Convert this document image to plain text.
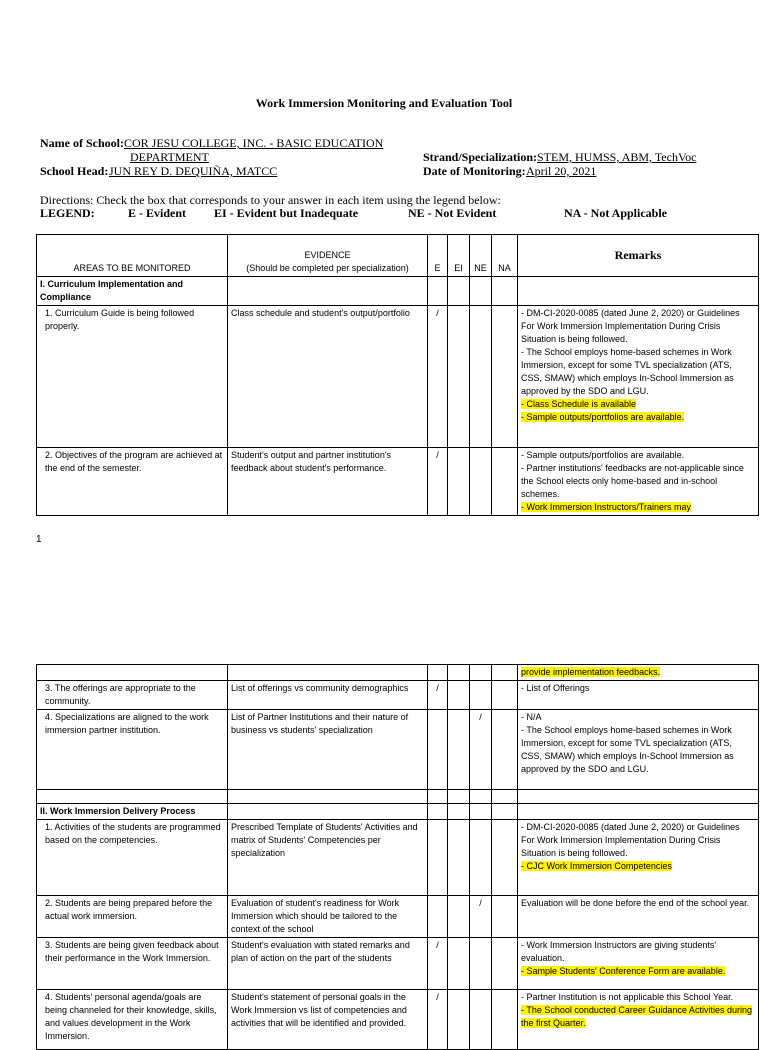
Work Immersion Monitoring and Evaluation Tool
Name of School: COR JESU COLLEGE, INC. - BASIC EDUCATION
DEPARTMENT
School Head: JUN REY D. DEQUIÑA, MATCC
Strand/Specialization: STEM, HUMSS, ABM, TechVoc
Date of Monitoring: April 20, 2021
Directions: Check the box that corresponds to your answer in each item using the legend below:
LEGEND:	E - Evident EI - Evident but Inadequate	NE - Not Evident	NA - Not Applicable
AREAS TO BE MONITORED	EVIDENCE
(Should be completed per specialization)	E	EI	NE	NA	Remarks
I. Curriculum Implementation and Compliance						
1. Curriculum Guide is being followed properly.	Class schedule and student's output/portfolio	/				- DM-CI-2020-0085 (dated June 2, 2020) or Guidelines For Work Immersion Implementation During Crisis Situation is being followed.
- The School employs home-based schemes in Work Immersion, except for some TVL specialization (ATS, CSS, SMAW) which employs In-School Immersion as approved by the SDO and LGU.
- Class Schedule is available
- Sample outputs/portfolios are available.
2. Objectives of the program are achieved at the end of the semester.	Student's output and partner institution's feedback about student's performance.	/				- Sample outputs/portfolios are available.
- Partner institutions' feedbacks are not-applicable since the School elects only home-based and in-school schemes.
- Work Immersion Instructors/Trainers may
1
						provide implementation feedbacks.
3. The offerings are appropriate to the community.	List of offerings vs community demographics	/				- List of Offerings
4. Specializations are aligned to the work immersion partner institution.	List of Partner Institutions and their nature of business vs students' specialization			/		- N/A
- The School employs home-based schemes in Work Immersion, except for some TVL specialization (ATS, CSS, SMAW) which employs In-School Immersion as approved by the SDO and LGU.

II. Work Immersion Delivery Process						
1. Activities of the students are programmed based on the competencies.	Prescribed Template of Students' Activities and matrix of Students' Competencies per specialization					- DM-CI-2020-0085 (dated June 2, 2020) or Guidelines For Work Immersion Implementation During Crisis Situation is being followed.
- CJC Work Immersion Competencies
2. Students are being prepared before the actual work immersion.	Evaluation of student's readiness for Work Immersion which should be tailored to the context of the school			/		Evaluation will be done before the end of the school year.
3. Students are being given feedback about their performance in the Work Immersion.	Student's evaluation with stated remarks and plan of action on the part of the students	/				- Work Immersion Instructors are giving students' evaluation.
- Sample Students' Conference Form are available.
4. Students' personal agenda/goals are being channeled for their knowledge, skills, and values development in the Work Immersion.	Student's statement of personal goals in the Work Immersion vs list of competencies and activities that will be identified and provided.	/				- Partner Institution is not applicable this School Year.
- The School conducted Career Guidance Activities during the first Quarter.
